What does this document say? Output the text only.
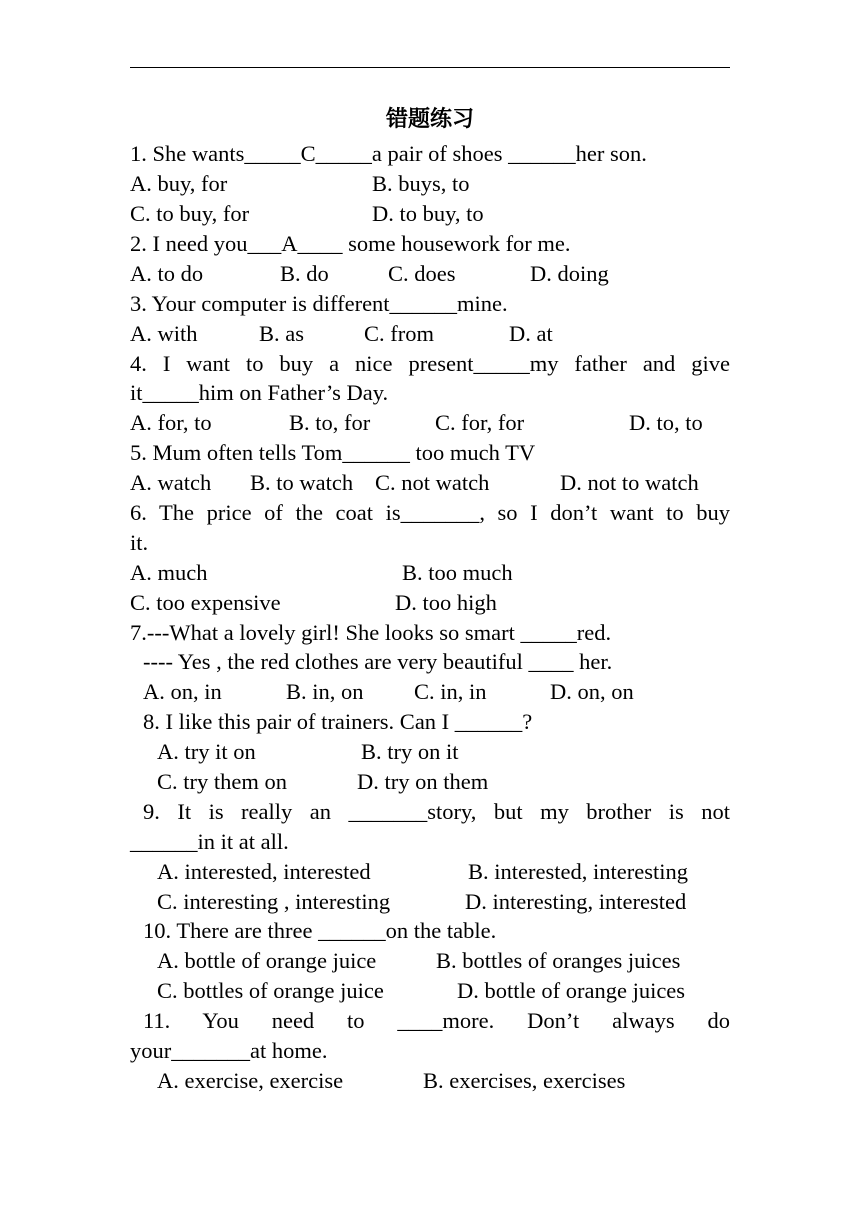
错题练习
1. She wants_____C_____a pair of shoes ______her son.
A. buy, for	B. buys, to
C. to buy, for	D. to buy, to
2. I need you___A____ some housework for me.
A. to do	B. do	C. does	D. doing
3. Your computer is different______mine.
A. with	B. as	C. from	D. at
4. I want to buy a nice present_____my father and give
it_____him on Father’s Day.
A. for, to	B. to, for	C. for, for	D. to, to
5. Mum often tells Tom______ too much TV
A. watch B. to watch C. not watch	D. not to watch
6. The price of the coat is_______, so I don’t want to buy
it.
A. much	B. too much
C. too expensive	D. too high
7.---What a lovely girl! She looks so smart _____red.
---- Yes , the red clothes are very beautiful ____ her.
A. on, in	B. in, on C. in, in	D. on, on
8. I like this pair of trainers. Can I ______?
A. try it on	B. try on it
C. try them on	D. try on them
9. It is really an _______story, but my brother is not
______in it at all.
A. interested, interested	B. interested, interesting
C. interesting , interesting	D. interesting, interested
10. There are three ______on the table.
A. bottle of orange juice	B. bottles of oranges juices
C. bottles of orange juice	D. bottle of orange juices
11. You need to ____more. Don’t always do
your_______at home.
A. exercise, exercise	B. exercises, exercises
